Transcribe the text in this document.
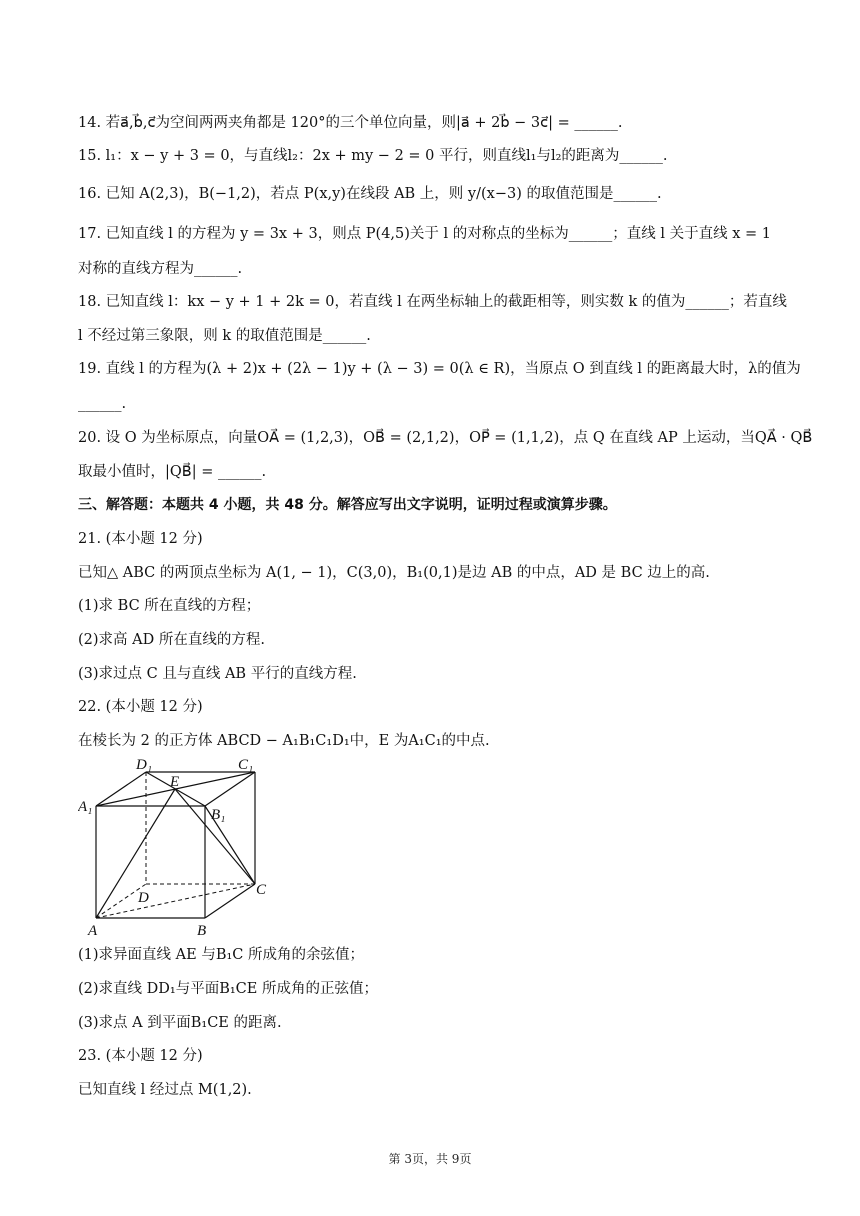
14. 若a⃗,b⃗,c⃗为空间两两夹角都是 120°的三个单位向量，则|a⃗ + 2b⃗ − 3c⃗| = ______.
15. l₁：x − y + 3 = 0，与直线l₂：2x + my − 2 = 0 平行，则直线l₁与l₂的距离为______.
16. 已知 A(2,3)，B(−1,2)，若点 P(x,y)在线段 AB 上，则 y/(x−3) 的取值范围是______.
17. 已知直线 l 的方程为 y = 3x + 3，则点 P(4,5)关于 l 的对称点的坐标为______；直线 l 关于直线 x = 1
对称的直线方程为______.
18. 已知直线 l：kx − y + 1 + 2k = 0，若直线 l 在两坐标轴上的截距相等，则实数 k 的值为______；若直线
l 不经过第三象限，则 k 的取值范围是______.
19. 直线 l 的方程为(λ + 2)x + (2λ − 1)y + (λ − 3) = 0(λ ∈ R)，当原点 O 到直线 l 的距离最大时，λ的值为
______.
20. 设 O 为坐标原点，向量OA⃗ = (1,2,3)，OB⃗ = (2,1,2)，OP⃗ = (1,1,2)，点 Q 在直线 AP 上运动，当QA⃗ · QB⃗
取最小值时，|QB⃗| = ______.
三、解答题：本题共 4 小题，共 48 分。解答应写出文字说明，证明过程或演算步骤。
21. (本小题 12 分)
已知△ ABC 的两顶点坐标为 A(1, − 1)，C(3,0)，B₁(0,1)是边 AB 的中点，AD 是 BC 边上的高.
(1)求 BC 所在直线的方程；
(2)求高 AD 所在直线的方程.
(3)求过点 C 且与直线 AB 平行的直线方程.
22. (本小题 12 分)
在棱长为 2 的正方体 ABCD − A₁B₁C₁D₁中，E 为A₁C₁的中点.
D₁	C₁
A₁
E
B₁
D	C
A	B
(1)求异面直线 AE 与B₁C 所成角的余弦值；
(2)求直线 DD₁与平面B₁CE 所成角的正弦值；
(3)求点 A 到平面B₁CE 的距离.
23. (本小题 12 分)
已知直线 l 经过点 M(1,2).
第 3页，共 9页
